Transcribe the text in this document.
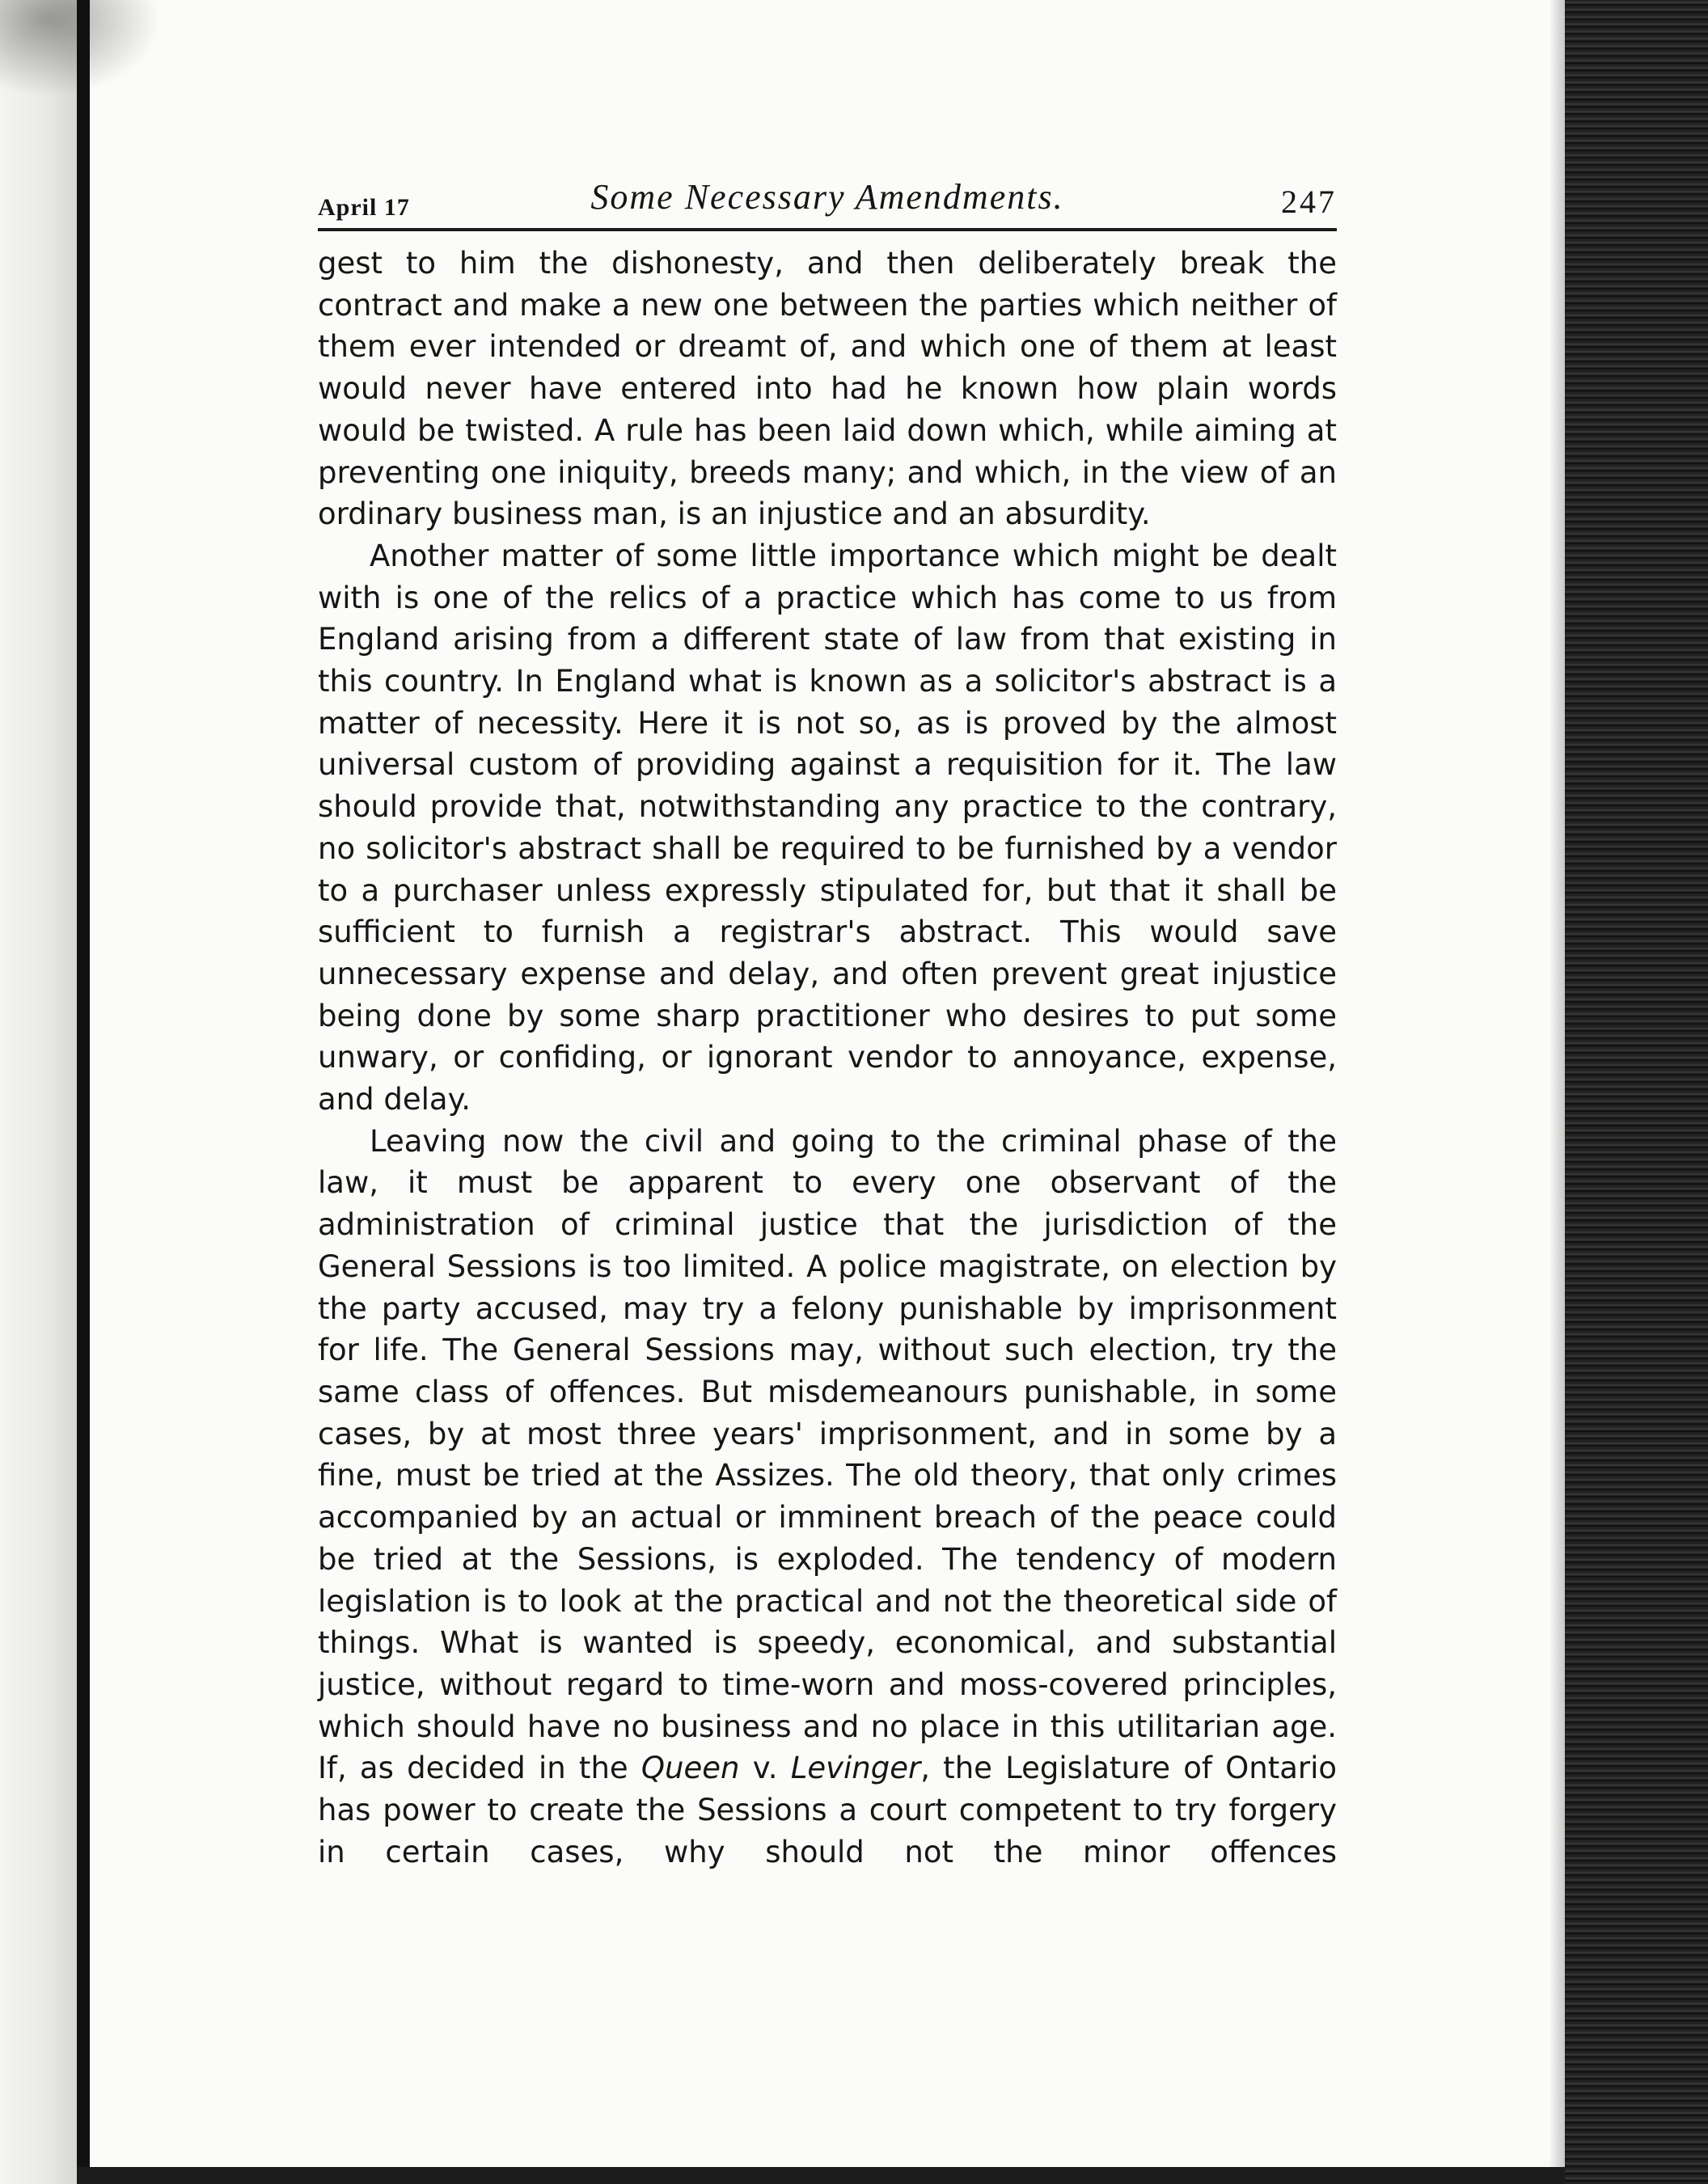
April 17	Some Necessary Amendments.	247

gest to him the dishonesty, and then deliberately break the contract and make a new one between the parties which neither of them ever intended or dreamt of, and which one of them at least would never have entered into had he known how plain words would be twisted. A rule has been laid down which, while aiming at preventing one iniquity, breeds many; and which, in the view of an ordinary business man, is an injustice and an absurdity.

Another matter of some little importance which might be dealt with is one of the relics of a practice which has come to us from England arising from a different state of law from that existing in this country. In England what is known as a solicitor's abstract is a matter of necessity. Here it is not so, as is proved by the almost universal custom of providing against a requisition for it. The law should provide that, notwithstanding any practice to the contrary, no solicitor's abstract shall be required to be furnished by a vendor to a purchaser unless expressly stipulated for, but that it shall be sufficient to furnish a registrar's abstract. This would save unnecessary expense and delay, and often prevent great injustice being done by some sharp practitioner who desires to put some unwary, or confiding, or ignorant vendor to annoyance, expense, and delay.

Leaving now the civil and going to the criminal phase of the law, it must be apparent to every one observant of the administration of criminal justice that the jurisdiction of the General Sessions is too limited. A police magistrate, on election by the party accused, may try a felony punishable by imprisonment for life. The General Sessions may, without such election, try the same class of offences. But misdemeanours punishable, in some cases, by at most three years' imprisonment, and in some by a fine, must be tried at the Assizes. The old theory, that only crimes accompanied by an actual or imminent breach of the peace could be tried at the Sessions, is exploded. The tendency of modern legislation is to look at the practical and not the theoretical side of things. What is wanted is speedy, economical, and substantial justice, without regard to time-worn and moss-covered principles, which should have no business and no place in this utilitarian age. If, as decided in the Queen v. Levinger, the Legislature of Ontario has power to create the Sessions a court competent to try forgery in certain cases, why should not the minor offences
